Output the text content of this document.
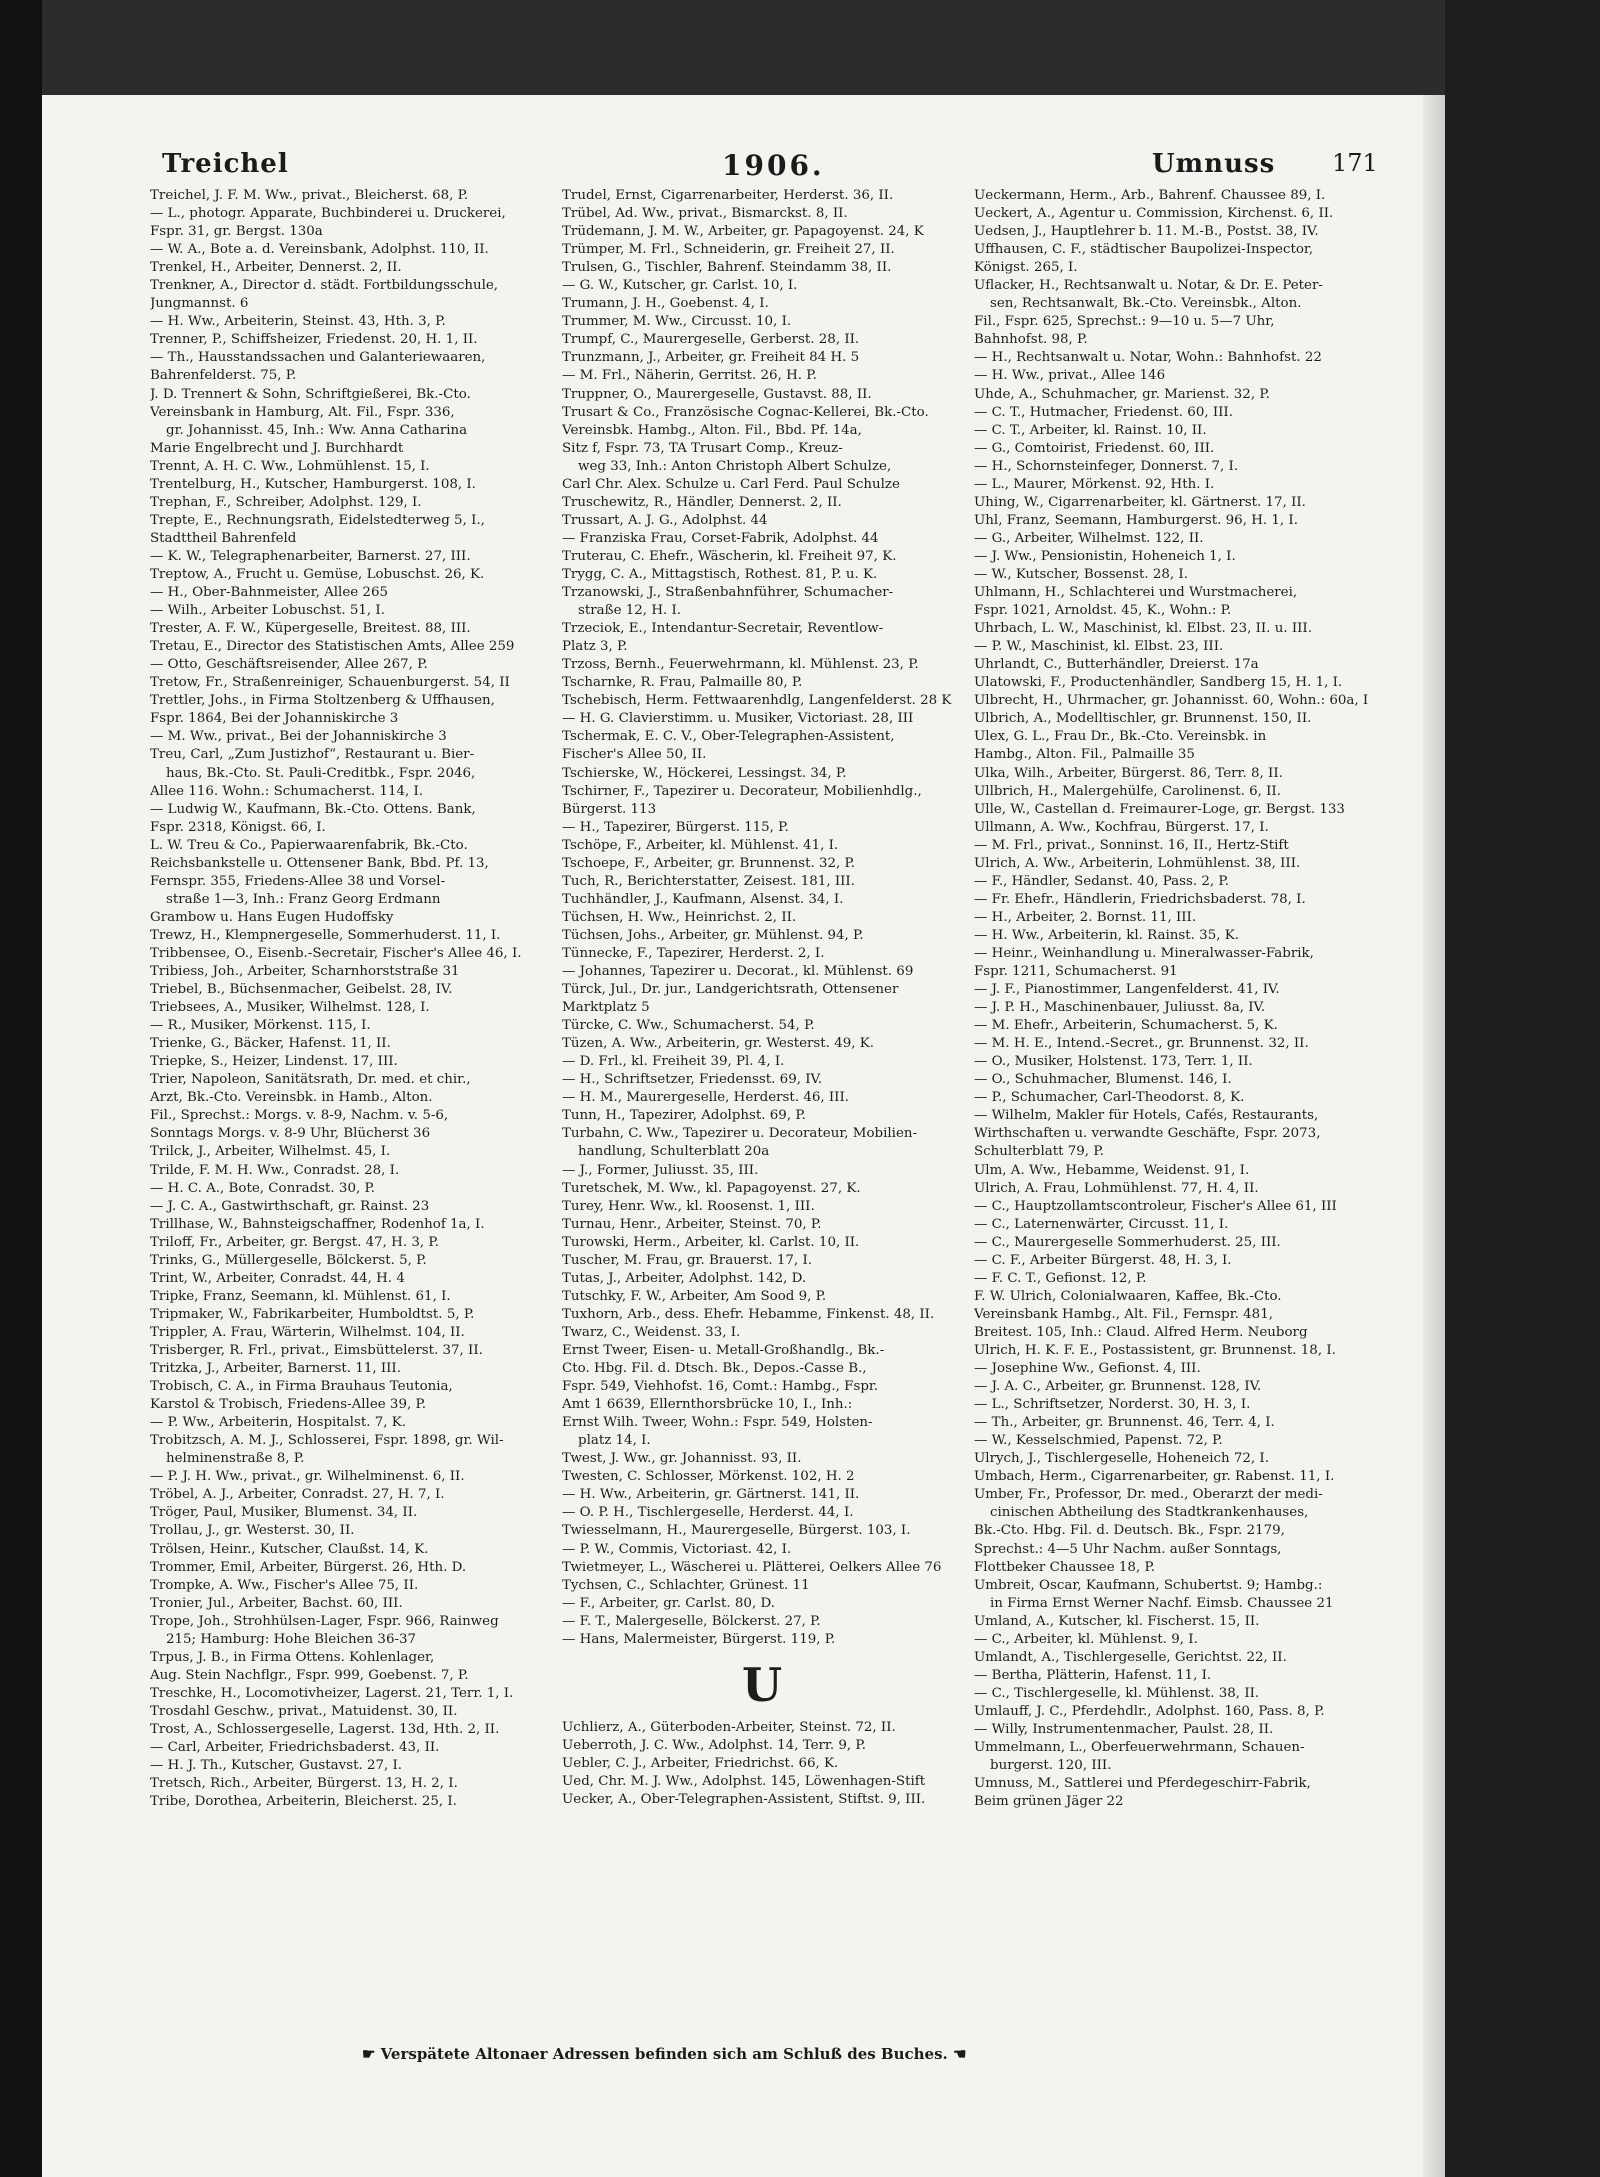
Treichel	1906.	Umnuss 171
Treichel, J. F. M. Ww., privat., Bleicherst. 68, P.
— L., photogr. Apparate, Buchbinderei u. Druckerei,
Fspr. 31, gr. Bergst. 130a
— W. A., Bote a. d. Vereinsbank, Adolphst. 110, II.
Trenkel, H., Arbeiter, Dennerst. 2, II.
Trenkner, A., Director d. städt. Fortbildungsschule,
Jungmannst. 6
— H. Ww., Arbeiterin, Steinst. 43, Hth. 3, P.
Trenner, P., Schiffsheizer, Friedenst. 20, H. 1, II.
— Th., Hausstandssachen und Galanteriewaaren,
Bahrenfelderst. 75, P.
J. D. Trennert & Sohn, Schriftgießerei, Bk.-Cto.
Vereinsbank in Hamburg, Alt. Fil., Fspr. 336,
gr. Johannisst. 45, Inh.: Ww. Anna Catharina
Marie Engelbrecht und J. Burchhardt
Trennt, A. H. C. Ww., Lohmühlenst. 15, I.
Trentelburg, H., Kutscher, Hamburgerst. 108, I.
Trephan, F., Schreiber, Adolphst. 129, I.
Trepte, E., Rechnungsrath, Eidelstedterweg 5, I.,
Stadttheil Bahrenfeld
— K. W., Telegraphenarbeiter, Barnerst. 27, III.
Treptow, A., Frucht u. Gemüse, Lobuschst. 26, K.
— H., Ober-Bahnmeister, Allee 265
— Wilh., Arbeiter Lobuschst. 51, I.
Trester, A. F. W., Küpergeselle, Breitest. 88, III.
Tretau, E., Director des Statistischen Amts, Allee 259
— Otto, Geschäftsreisender, Allee 267, P.
Tretow, Fr., Straßenreiniger, Schauenburgerst. 54, II
Trettler, Johs., in Firma Stoltzenberg & Uffhausen,
Fspr. 1864, Bei der Johanniskirche 3
— M. Ww., privat., Bei der Johanniskirche 3
Treu, Carl, „Zum Justizhof“, Restaurant u. Bier-
haus, Bk.-Cto. St. Pauli-Creditbk., Fspr. 2046,
Allee 116. Wohn.: Schumacherst. 114, I.
— Ludwig W., Kaufmann, Bk.-Cto. Ottens. Bank,
Fspr. 2318, Königst. 66, I.
L. W. Treu & Co., Papierwaarenfabrik, Bk.-Cto.
Reichsbankstelle u. Ottensener Bank, Bbd. Pf. 13,
Fernspr. 355, Friedens-Allee 38 und Vorsel-
straße 1—3, Inh.: Franz Georg Erdmann
Grambow u. Hans Eugen Hudoffsky
Trewz, H., Klempnergeselle, Sommerhuderst. 11, I.
Tribbensee, O., Eisenb.-Secretair, Fischer's Allee 46, I.
Tribiess, Joh., Arbeiter, Scharnhorststraße 31
Triebel, B., Büchsenmacher, Geibelst. 28, IV.
Triebsees, A., Musiker, Wilhelmst. 128, I.
— R., Musiker, Mörkenst. 115, I.
Trienke, G., Bäcker, Hafenst. 11, II.
Triepke, S., Heizer, Lindenst. 17, III.
Trier, Napoleon, Sanitätsrath, Dr. med. et chir.,
Arzt, Bk.-Cto. Vereinsbk. in Hamb., Alton.
Fil., Sprechst.: Morgs. v. 8-9, Nachm. v. 5-6,
Sonntags Morgs. v. 8-9 Uhr, Blücherst 36
Trilck, J., Arbeiter, Wilhelmst. 45, I.
Trilde, F. M. H. Ww., Conradst. 28, I.
— H. C. A., Bote, Conradst. 30, P.
— J. C. A., Gastwirthschaft, gr. Rainst. 23
Trillhase, W., Bahnsteigschaffner, Rodenhof 1a, I.
Triloff, Fr., Arbeiter, gr. Bergst. 47, H. 3, P.
Trinks, G., Müllergeselle, Bölckerst. 5, P.
Trint, W., Arbeiter, Conradst. 44, H. 4
Tripke, Franz, Seemann, kl. Mühlenst. 61, I.
Tripmaker, W., Fabrikarbeiter, Humboldtst. 5, P.
Trippler, A. Frau, Wärterin, Wilhelmst. 104, II.
Trisberger, R. Frl., privat., Eimsbüttelerst. 37, II.
Tritzka, J., Arbeiter, Barnerst. 11, III.
Trobisch, C. A., in Firma Brauhaus Teutonia,
Karstol & Trobisch, Friedens-Allee 39, P.
— P. Ww., Arbeiterin, Hospitalst. 7, K.
Trobitzsch, A. M. J., Schlosserei, Fspr. 1898, gr. Wil-
helminenstraße 8, P.
— P. J. H. Ww., privat., gr. Wilhelminenst. 6, II.
Tröbel, A. J., Arbeiter, Conradst. 27, H. 7, I.
Tröger, Paul, Musiker, Blumenst. 34, II.
Trollau, J., gr. Westerst. 30, II.
Trölsen, Heinr., Kutscher, Claußst. 14, K.
Trommer, Emil, Arbeiter, Bürgerst. 26, Hth. D.
Trompke, A. Ww., Fischer's Allee 75, II.
Tronier, Jul., Arbeiter, Bachst. 60, III.
Trope, Joh., Strohhülsen-Lager, Fspr. 966, Rainweg
215; Hamburg: Hohe Bleichen 36-37
Trpus, J. B., in Firma Ottens. Kohlenlager,
Aug. Stein Nachflgr., Fspr. 999, Goebenst. 7, P.
Treschke, H., Locomotivheizer, Lagerst. 21, Terr. 1, I.
Trosdahl Geschw., privat., Matuidenst. 30, II.
Trost, A., Schlossergeselle, Lagerst. 13d, Hth. 2, II.
— Carl, Arbeiter, Friedrichsbaderst. 43, II.
— H. J. Th., Kutscher, Gustavst. 27, I.
Tretsch, Rich., Arbeiter, Bürgerst. 13, H. 2, I.
Tribe, Dorothea, Arbeiterin, Bleicherst. 25, I.
Trudel, Ernst, Cigarrenarbeiter, Herderst. 36, II.
Trübel, Ad. Ww., privat., Bismarckst. 8, II.
Trüdemann, J. M. W., Arbeiter, gr. Papagoyenst. 24, K
Trümper, M. Frl., Schneiderin, gr. Freiheit 27, II.
Trulsen, G., Tischler, Bahrenf. Steindamm 38, II.
— G. W., Kutscher, gr. Carlst. 10, I.
Trumann, J. H., Goebenst. 4, I.
Trummer, M. Ww., Circusst. 10, I.
Trumpf, C., Maurergeselle, Gerberst. 28, II.
Trunzmann, J., Arbeiter, gr. Freiheit 84 H. 5
— M. Frl., Näherin, Gerritst. 26, H. P.
Truppner, O., Maurergeselle, Gustavst. 88, II.
Trusart & Co., Französische Cognac-Kellerei, Bk.-Cto.
Vereinsbk. Hambg., Alton. Fil., Bbd. Pf. 14a,
Sitz f, Fspr. 73, TA Trusart Comp., Kreuz-
weg 33, Inh.: Anton Christoph Albert Schulze,
Carl Chr. Alex. Schulze u. Carl Ferd. Paul Schulze
Truschewitz, R., Händler, Dennerst. 2, II.
Trussart, A. J. G., Adolphst. 44
— Franziska Frau, Corset-Fabrik, Adolphst. 44
Truterau, C. Ehefr., Wäscherin, kl. Freiheit 97, K.
Trygg, C. A., Mittagstisch, Rothest. 81, P. u. K.
Trzanowski, J., Straßenbahnführer, Schumacher-
straße 12, H. I.
Trzeciok, E., Intendantur-Secretair, Reventlow-
Platz 3, P.
Trzoss, Bernh., Feuerwehrmann, kl. Mühlenst. 23, P.
Tscharnke, R. Frau, Palmaille 80, P.
Tschebisch, Herm. Fettwaarenhdlg, Langenfelderst. 28 K
— H. G. Clavierstimm. u. Musiker, Victoriast. 28, III
Tschermak, E. C. V., Ober-Telegraphen-Assistent,
Fischer's Allee 50, II.
Tschierske, W., Höckerei, Lessingst. 34, P.
Tschirner, F., Tapezirer u. Decorateur, Mobilienhdlg.,
Bürgerst. 113
— H., Tapezirer, Bürgerst. 115, P.
Tschöpe, F., Arbeiter, kl. Mühlenst. 41, I.
Tschoepe, F., Arbeiter, gr. Brunnenst. 32, P.
Tuch, R., Berichterstatter, Zeisest. 181, III.
Tuchhändler, J., Kaufmann, Alsenst. 34, I.
Tüchsen, H. Ww., Heinrichst. 2, II.
Tüchsen, Johs., Arbeiter, gr. Mühlenst. 94, P.
Tünnecke, F., Tapezirer, Herderst. 2, I.
— Johannes, Tapezirer u. Decorat., kl. Mühlenst. 69
Türck, Jul., Dr. jur., Landgerichtsrath, Ottensener
Marktplatz 5
Türcke, C. Ww., Schumacherst. 54, P.
Tüzen, A. Ww., Arbeiterin, gr. Westerst. 49, K.
— D. Frl., kl. Freiheit 39, Pl. 4, I.
— H., Schriftsetzer, Friedensst. 69, IV.
— H. M., Maurergeselle, Herderst. 46, III.
Tunn, H., Tapezirer, Adolphst. 69, P.
Turbahn, C. Ww., Tapezirer u. Decorateur, Mobilien-
handlung, Schulterblatt 20a
— J., Former, Juliusst. 35, III.
Turetschek, M. Ww., kl. Papagoyenst. 27, K.
Turey, Henr. Ww., kl. Roosenst. 1, III.
Turnau, Henr., Arbeiter, Steinst. 70, P.
Turowski, Herm., Arbeiter, kl. Carlst. 10, II.
Tuscher, M. Frau, gr. Brauerst. 17, I.
Tutas, J., Arbeiter, Adolphst. 142, D.
Tutschky, F. W., Arbeiter, Am Sood 9, P.
Tuxhorn, Arb., dess. Ehefr. Hebamme, Finkenst. 48, II.
Twarz, C., Weidenst. 33, I.
Ernst Tweer, Eisen- u. Metall-Großhandlg., Bk.-
Cto. Hbg. Fil. d. Dtsch. Bk., Depos.-Casse B.,
Fspr. 549, Viehhofst. 16, Comt.: Hambg., Fspr.
Amt 1 6639, Ellernthorsbrücke 10, I., Inh.:
Ernst Wilh. Tweer, Wohn.: Fspr. 549, Holsten-
platz 14, I.
Twest, J. Ww., gr. Johannisst. 93, II.
Twesten, C. Schlosser, Mörkenst. 102, H. 2
— H. Ww., Arbeiterin, gr. Gärtnerst. 141, II.
— O. P. H., Tischlergeselle, Herderst. 44, I.
Twiesselmann, H., Maurergeselle, Bürgerst. 103, I.
— P. W., Commis, Victoriast. 42, I.
Twietmeyer, L., Wäscherei u. Plätterei, Oelkers Allee 76
Tychsen, C., Schlachter, Grünest. 11
— F., Arbeiter, gr. Carlst. 80, D.
— F. T., Malergeselle, Bölckerst. 27, P.
— Hans, Malermeister, Bürgerst. 119, P.
U
Uchlierz, A., Güterboden-Arbeiter, Steinst. 72, II.
Ueberroth, J. C. Ww., Adolphst. 14, Terr. 9, P.
Uebler, C. J., Arbeiter, Friedrichst. 66, K.
Ued, Chr. M. J. Ww., Adolphst. 145, Löwenhagen-Stift
Uecker, A., Ober-Telegraphen-Assistent, Stiftst. 9, III.
Ueckermann, Herm., Arb., Bahrenf. Chaussee 89, I.
Ueckert, A., Agentur u. Commission, Kirchenst. 6, II.
Uedsen, J., Hauptlehrer b. 11. M.-B., Postst. 38, IV.
Uffhausen, C. F., städtischer Baupolizei-Inspector,
Königst. 265, I.
Uflacker, H., Rechtsanwalt u. Notar, & Dr. E. Peter-
sen, Rechtsanwalt, Bk.-Cto. Vereinsbk., Alton.
Fil., Fspr. 625, Sprechst.: 9—10 u. 5—7 Uhr,
Bahnhofst. 98, P.
— H., Rechtsanwalt u. Notar, Wohn.: Bahnhofst. 22
— H. Ww., privat., Allee 146
Uhde, A., Schuhmacher, gr. Marienst. 32, P.
— C. T., Hutmacher, Friedenst. 60, III.
— C. T., Arbeiter, kl. Rainst. 10, II.
— G., Comtoirist, Friedenst. 60, III.
— H., Schornsteinfeger, Donnerst. 7, I.
— L., Maurer, Mörkenst. 92, Hth. I.
Uhing, W., Cigarrenarbeiter, kl. Gärtnerst. 17, II.
Uhl, Franz, Seemann, Hamburgerst. 96, H. 1, I.
— G., Arbeiter, Wilhelmst. 122, II.
— J. Ww., Pensionistin, Hoheneich 1, I.
— W., Kutscher, Bossenst. 28, I.
Uhlmann, H., Schlachterei und Wurstmacherei,
Fspr. 1021, Arnoldst. 45, K., Wohn.: P.
Uhrbach, L. W., Maschinist, kl. Elbst. 23, II. u. III.
— P. W., Maschinist, kl. Elbst. 23, III.
Uhrlandt, C., Butterhändler, Dreierst. 17a
Ulatowski, F., Productenhändler, Sandberg 15, H. 1, I.
Ulbrecht, H., Uhrmacher, gr. Johannisst. 60, Wohn.: 60a, I
Ulbrich, A., Modelltischler, gr. Brunnenst. 150, II.
Ulex, G. L., Frau Dr., Bk.-Cto. Vereinsbk. in
Hambg., Alton. Fil., Palmaille 35
Ulka, Wilh., Arbeiter, Bürgerst. 86, Terr. 8, II.
Ullbrich, H., Malergehülfe, Carolinenst. 6, II.
Ulle, W., Castellan d. Freimaurer-Loge, gr. Bergst. 133
Ullmann, A. Ww., Kochfrau, Bürgerst. 17, I.
— M. Frl., privat., Sonninst. 16, II., Hertz-Stift
Ulrich, A. Ww., Arbeiterin, Lohmühlenst. 38, III.
— F., Händler, Sedanst. 40, Pass. 2, P.
— Fr. Ehefr., Händlerin, Friedrichsbaderst. 78, I.
— H., Arbeiter, 2. Bornst. 11, III.
— H. Ww., Arbeiterin, kl. Rainst. 35, K.
— Heinr., Weinhandlung u. Mineralwasser-Fabrik,
Fspr. 1211, Schumacherst. 91
— J. F., Pianostimmer, Langenfelderst. 41, IV.
— J. P. H., Maschinenbauer, Juliusst. 8a, IV.
— M. Ehefr., Arbeiterin, Schumacherst. 5, K.
— M. H. E., Intend.-Secret., gr. Brunnenst. 32, II.
— O., Musiker, Holstenst. 173, Terr. 1, II.
— O., Schuhmacher, Blumenst. 146, I.
— P., Schumacher, Carl-Theodorst. 8, K.
— Wilhelm, Makler für Hotels, Cafés, Restaurants,
Wirthschaften u. verwandte Geschäfte, Fspr. 2073,
Schulterblatt 79, P.
Ulm, A. Ww., Hebamme, Weidenst. 91, I.
Ulrich, A. Frau, Lohmühlenst. 77, H. 4, II.
— C., Hauptzollamtscontroleur, Fischer's Allee 61, III
— C., Laternenwärter, Circusst. 11, I.
— C., Maurergeselle Sommerhuderst. 25, III.
— C. F., Arbeiter Bürgerst. 48, H. 3, I.
— F. C. T., Gefionst. 12, P.
F. W. Ulrich, Colonialwaaren, Kaffee, Bk.-Cto.
Vereinsbank Hambg., Alt. Fil., Fernspr. 481,
Breitest. 105, Inh.: Claud. Alfred Herm. Neuborg
Ulrich, H. K. F. E., Postassistent, gr. Brunnenst. 18, I.
— Josephine Ww., Gefionst. 4, III.
— J. A. C., Arbeiter, gr. Brunnenst. 128, IV.
— L., Schriftsetzer, Norderst. 30, H. 3, I.
— Th., Arbeiter, gr. Brunnenst. 46, Terr. 4, I.
— W., Kesselschmied, Papenst. 72, P.
Ulrych, J., Tischlergeselle, Hoheneich 72, I.
Umbach, Herm., Cigarrenarbeiter, gr. Rabenst. 11, I.
Umber, Fr., Professor, Dr. med., Oberarzt der medi-
cinischen Abtheilung des Stadtkrankenhauses,
Bk.-Cto. Hbg. Fil. d. Deutsch. Bk., Fspr. 2179,
Sprechst.: 4—5 Uhr Nachm. außer Sonntags,
Flottbeker Chaussee 18, P.
Umbreit, Oscar, Kaufmann, Schubertst. 9; Hambg.:
in Firma Ernst Werner Nachf. Eimsb. Chaussee 21
Umland, A., Kutscher, kl. Fischerst. 15, II.
— C., Arbeiter, kl. Mühlenst. 9, I.
Umlandt, A., Tischlergeselle, Gerichtst. 22, II.
— Bertha, Plätterin, Hafenst. 11, I.
— C., Tischlergeselle, kl. Mühlenst. 38, II.
Umlauff, J. C., Pferdehdlr., Adolphst. 160, Pass. 8, P.
— Willy, Instrumentenmacher, Paulst. 28, II.
Ummelmann, L., Oberfeuerwehrmann, Schauen-
burgerst. 120, III.
Umnuss, M., Sattlerei und Pferdegeschirr-Fabrik,
Beim grünen Jäger 22
☛ Verspätete Altonaer Adressen befinden sich am Schluß des Buches. ☚
